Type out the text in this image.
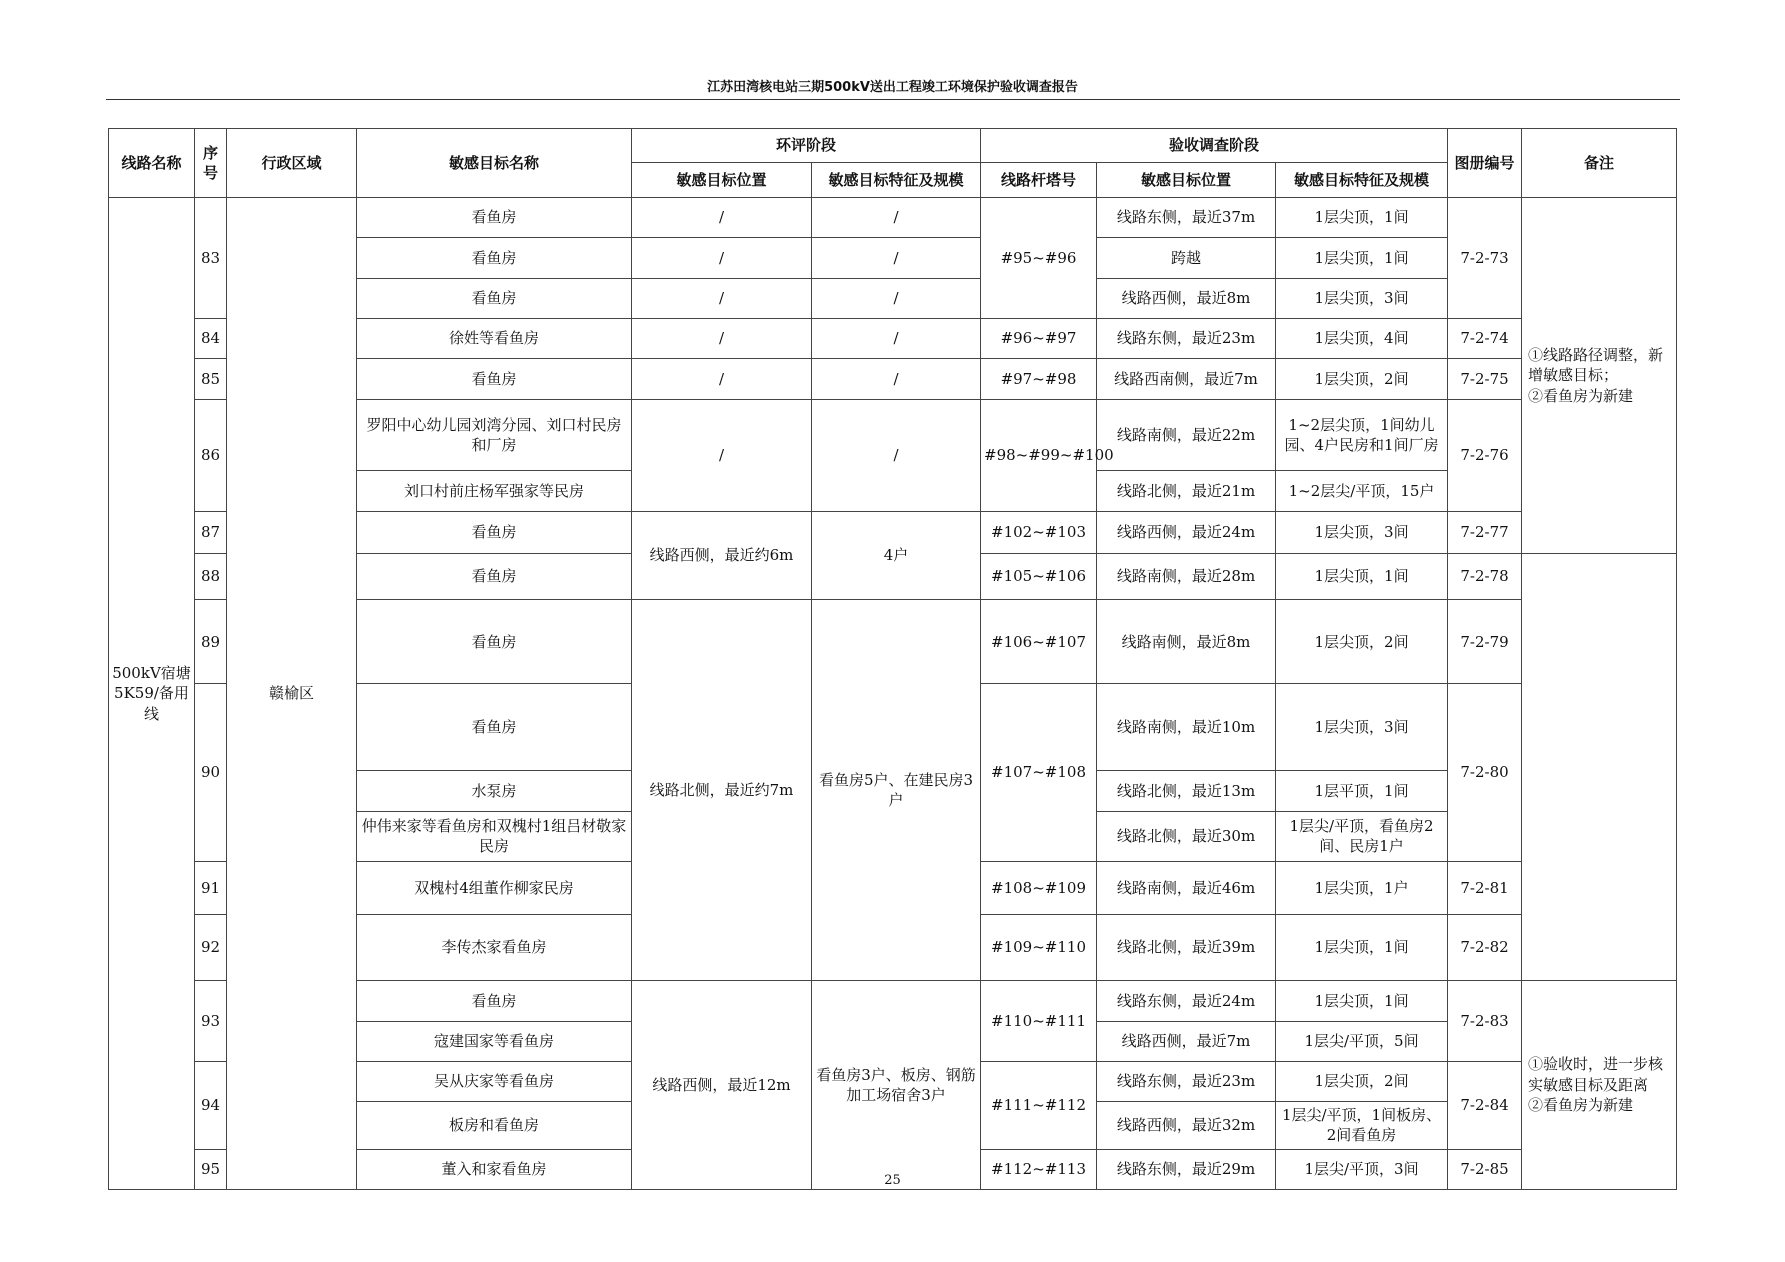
江苏田湾核电站三期500kV送出工程竣工环境保护验收调查报告
线路名称	序号	行政区域	敏感目标名称	环评阶段		验收调查阶段			图册编号	备注	
				敏感目标位置	敏感目标特征及规模	线路杆塔号	敏感目标位置	敏感目标特征及规模			
500kV宿塘5K59/备用线	83	赣榆区	看鱼房	/	/	#95~#96	线路东侧，最近37m	1层尖顶，1间	7-2-73	①线路路径调整，新增敏感目标；
②看鱼房为新建	

			看鱼房	/	/		跨越	1层尖顶，1间			
			看鱼房	/	/		线路西侧，最近8m	1层尖顶，3间			
	84		徐姓等看鱼房	/	/	#96~#97	线路东侧，最近23m	1层尖顶，4间	7-2-74		
	85		看鱼房	/	/	#97~#98	线路西南侧，最近7m	1层尖顶，2间	7-2-75		
	86		罗阳中心幼儿园刘湾分园、刘口村民房和厂房	/	/	#98~#99~#100	线路南侧，最近22m	1~2层尖顶，1间幼儿园、4户民房和1间厂房	7-2-76		
			刘口村前庄杨军强家等民房				线路北侧，最近21m	1~2层尖/平顶，15户			
	87		看鱼房	线路西侧，最近约6m	4户	#102~#103	线路西侧，最近24m	1层尖顶，3间	7-2-77	

	88		看鱼房			#105~#106	线路南侧，最近28m	1层尖顶，1间	7-2-78		
	89		看鱼房	线路北侧，最近约7m	看鱼房5户、在建民房3户	#106~#107	线路南侧，最近8m	1层尖顶，2间	7-2-79		
	90		看鱼房			#107~#108	线路南侧，最近10m	1层尖顶，3间	7-2-80		
			水泵房				线路北侧，最近13m	1层平顶，1间			
			仲伟来家等看鱼房和双槐村1组吕材敬家民房				线路北侧，最近30m	1层尖/平顶，看鱼房2间、民房1户			
	91		双槐村4组董作柳家民房			#108~#109	线路南侧，最近46m	1层尖顶，1户	7-2-81		
	92		李传杰家看鱼房			#109~#110	线路北侧，最近39m	1层尖顶，1间	7-2-82		
	93		看鱼房	线路西侧，最近12m	看鱼房3户、板房、钢筋加工场宿舍3户	#110~#111	线路东侧，最近24m	1层尖顶，1间	7-2-83	①验收时，进一步核实敏感目标及距离
②看鱼房为新建	

			寇建国家等看鱼房				线路西侧，最近7m	1层尖/平顶，5间			
	94		吴从庆家等看鱼房			#111~#112	线路东侧，最近23m	1层尖顶，2间	7-2-84		
			板房和看鱼房				线路西侧，最近32m	1层尖/平顶，1间板房、2间看鱼房			
	95		董入和家看鱼房			#112~#113	线路东侧，最近29m	1层尖/平顶，3间	7-2-85		
25
